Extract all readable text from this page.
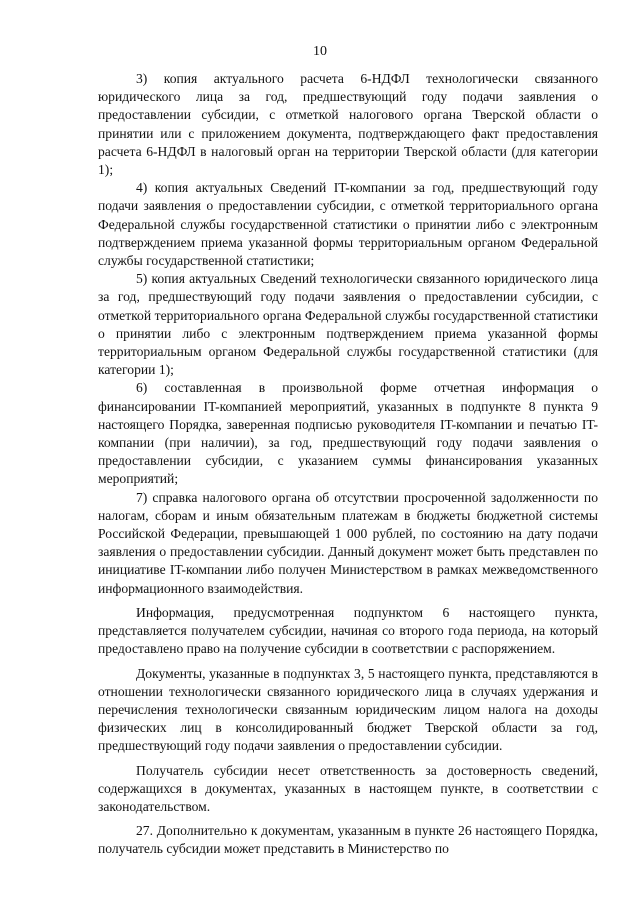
10

3) копия актуального расчета 6-НДФЛ технологически связанного юридического лица за год, предшествующий году подачи заявления о предоставлении субсидии, с отметкой налогового органа Тверской области о принятии или с приложением документа, подтверждающего факт предоставления расчета 6-НДФЛ в налоговый орган на территории Тверской области (для категории 1);

4) копия актуальных Сведений IT-компании за год, предшествующий году подачи заявления о предоставлении субсидии, с отметкой территориального органа Федеральной службы государственной статистики о принятии либо с электронным подтверждением приема указанной формы территориальным органом Федеральной службы государственной статистики;

5) копия актуальных Сведений технологически связанного юридического лица за год, предшествующий году подачи заявления о предоставлении субсидии, с отметкой территориального органа Федеральной службы государственной статистики о принятии либо с электронным подтверждением приема указанной формы территориальным органом Федеральной службы государственной статистики (для категории 1);

6) составленная в произвольной форме отчетная информация о финансировании IT-компанией мероприятий, указанных в подпункте 8 пункта 9 настоящего Порядка, заверенная подписью руководителя IT-компании и печатью IT-компании (при наличии), за год, предшествующий году подачи заявления о предоставлении субсидии, с указанием суммы финансирования указанных мероприятий;

7) справка налогового органа об отсутствии просроченной задолженности по налогам, сборам и иным обязательным платежам в бюджеты бюджетной системы Российской Федерации, превышающей 1 000 рублей, по состоянию на дату подачи заявления о предоставлении субсидии. Данный документ может быть представлен по инициативе IT-компании либо получен Министерством в рамках межведомственного информационного взаимодействия.

Информация, предусмотренная подпунктом 6 настоящего пункта, представляется получателем субсидии, начиная со второго года периода, на который предоставлено право на получение субсидии в соответствии с распоряжением.

Документы, указанные в подпунктах 3, 5 настоящего пункта, представляются в отношении технологически связанного юридического лица в случаях удержания и перечисления технологически связанным юридическим лицом налога на доходы физических лиц в консолидированный бюджет Тверской области за год, предшествующий году подачи заявления о предоставлении субсидии.

Получатель субсидии несет ответственность за достоверность сведений, содержащихся в документах, указанных в настоящем пункте, в соответствии с законодательством.

27. Дополнительно к документам, указанным в пункте 26 настоящего Порядка, получатель субсидии может представить в Министерство по
